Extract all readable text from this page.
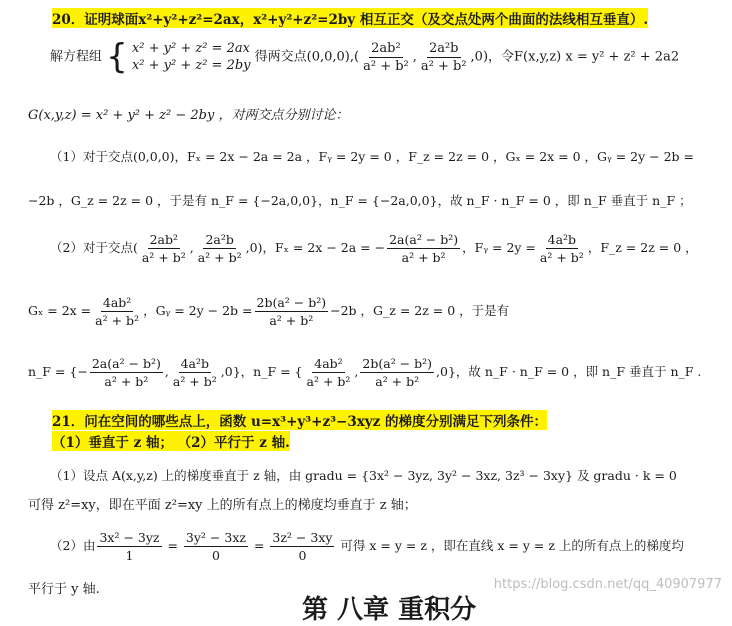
20．证明球面x²+y²+z²=2ax，x²+y²+z²=2by 相互正交（及交点处两个曲面的法线相互垂直）.
解方程组 { x² + y² + z² = 2ax
x² + y² + z² = 2by
得两交点$(0,0,0),( \frac{\text{2ab²}}{\text{a² + b²}}$ , $\frac{\text{2a²b}}{\text{a² + b²}} ,0$)，令F(x,y,z) x = y² + z² + 2a2
G(x,y,z) = x² + y² + z² − 2by ，对两交点分别讨论：
（1）对于交点(0,0,0)，Fₓ = 2x − 2a = 2a ，Fᵧ = 2y = 0 ，F_z = 2z = 0 ，Gₓ = 2x = 0 ，Gᵧ = 2y − 2b =
−2b ，G_z = 2z = 0 ，于是有 n_F = {−2a,0,0}，n_F = {−2a,0,0}，故 n_F · n_F = 0 ，即 n_F 垂直于 n_F ；
（2）对于交点( $\frac{\text{2ab²}}{\text{a² + b²}}$ , $\frac{\text{2a²b}}{\text{a² + b²}} ,0$)，Fₓ = 2x − 2a = − $\frac{\text{2a(a² − b²)}}{\text{a² + b²}}$ ，Fᵧ = $2y = \frac{\text{4a²b}}{\text{a² + b²}}$ ，F_z = 2z = 0 ，
$G_x = 2x = \frac{\text{4ab²}}{\text{a² + b²}}$ ，Gᵧ = $2y - 2b = \frac{\text{2b(a² − b²)}}{\text{a² + b²}} -2b$ ，G_z = 2z = 0 ，于是有
n_F = {− $\frac{\text{2a(a² − b²)}}{\text{a² + b²}}$ , $\frac{\text{4a²b}}{\text{a² + b²}} ,0$}，n_F = { $\frac{\text{4ab²}}{\text{a² + b²}}$ , $\frac{\text{2b(a² − b²)}}{\text{a² + b²}} ,0$}，故 n_F · n_F = 0 ，即 n_F 垂直于 n_F .
21．问在空间的哪些点上，函数 u=x³+y³+z³−3xyz 的梯度分别满足下列条件：
（1）垂直于 z 轴； （2）平行于 z 轴.
（1）设点 A(x,y,z) 上的梯度垂直于 z 轴，由 gradu = {3x² − 3yz, 3y² − 3xz, 3z³ − 3xy} 及 gradu · k = 0
可得 z²=xy，即在平面 z²=xy 上的所有点上的梯度均垂直于 z 轴；
（2）由 $\frac{\text{3x² − 3yz}}{1} = \frac{\text{3y² − 3xz}}{0} = \frac{\text{3z² − 3xy}}{0}$ 可得 x = y = z ，即在直线 x = y = z 上的所有点上的梯度均
平行于 y 轴.	https://blog.csdn.net/qq_40907977
第 八章 重积分
